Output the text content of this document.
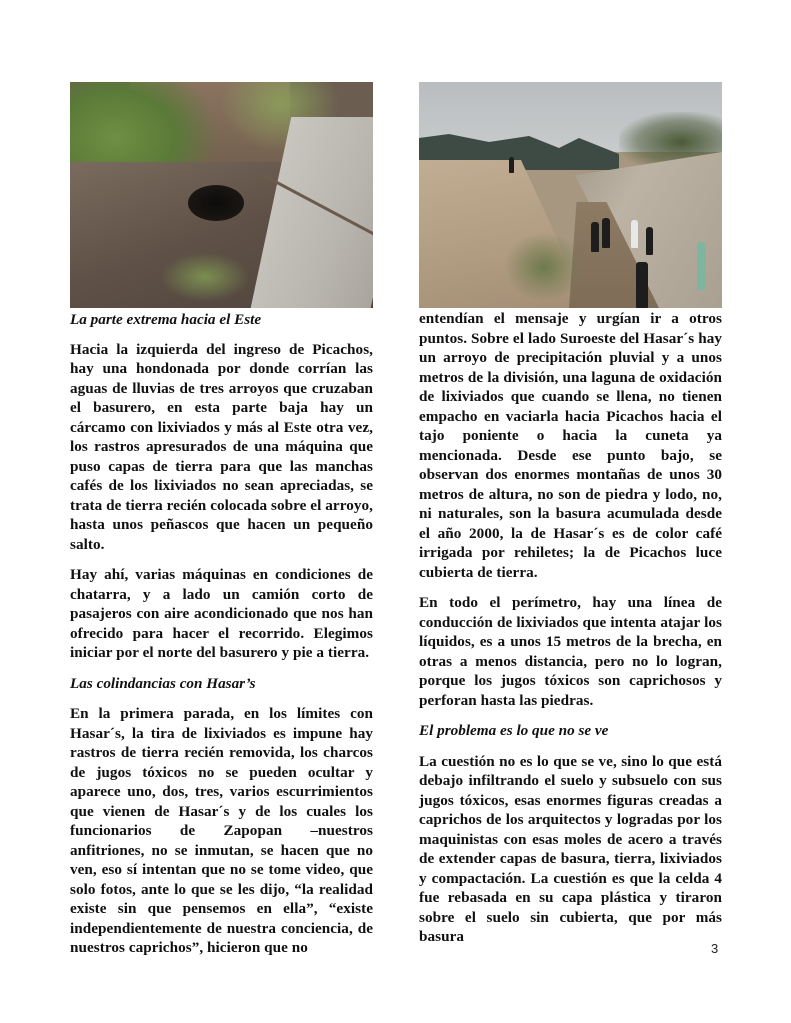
La parte extrema hacia el Este

Hacia la izquierda del ingreso de Picachos, hay una hondonada por donde corrían las aguas de lluvias de tres arroyos que cruzaban el basurero, en esta parte baja hay un cárcamo con lixiviados y más al Este otra vez, los rastros apresurados de una máquina que puso capas de tierra para que las manchas cafés de los lixiviados no sean apreciadas, se trata de tierra recién colocada sobre el arroyo, hasta unos peñascos que hacen un pequeño salto.

Hay ahí, varias máquinas en condiciones de chatarra, y a lado un camión corto de pasajeros con aire acondicionado que nos han ofrecido para hacer el recorrido. Elegimos iniciar por el norte del basurero y pie a tierra.

Las colindancias con Hasar’s

En la primera parada, en los límites con Hasar´s, la tira de lixiviados es impune hay rastros de tierra recién removida, los charcos de jugos tóxicos no se pueden ocultar y aparece uno, dos, tres, varios escurrimientos que vienen de Hasar´s y de los cuales los funcionarios de Zapopan –nuestros anfitriones, no se inmutan, se hacen que no ven, eso sí intentan que no se tome video, que solo fotos, ante lo que se les dijo, “la realidad existe sin que pensemos en ella”, “existe independientemente de nuestra conciencia, de nuestros caprichos”, hicieron que no

entendían el mensaje y urgían ir a otros puntos. Sobre el lado Suroeste del Hasar´s hay un arroyo de precipitación pluvial y a unos metros de la división, una laguna de oxidación de lixiviados que cuando se llena, no tienen empacho en vaciarla hacia Picachos hacia el tajo poniente o hacia la cuneta ya mencionada. Desde ese punto bajo, se observan dos enormes montañas de unos 30 metros de altura, no son de piedra y lodo, no, ni naturales, son la basura acumulada desde el año 2000, la de Hasar´s es de color café irrigada por rehiletes; la de Picachos luce cubierta de tierra.

En todo el perímetro, hay una línea de conducción de lixiviados que intenta atajar los líquidos, es a unos 15 metros de la brecha, en otras a menos distancia, pero no lo logran, porque los jugos tóxicos son caprichosos y perforan hasta las piedras.

El problema es lo que no se ve

La cuestión no es lo que se ve, sino lo que está debajo infiltrando el suelo y subsuelo con sus jugos tóxicos, esas enormes figuras creadas a caprichos de los arquitectos y logradas por los maquinistas con esas moles de acero a través de extender capas de basura, tierra, lixiviados y compactación. La cuestión es que la celda 4 fue rebasada en su capa plástica y tiraron sobre el suelo sin cubierta, que por más basura

3
